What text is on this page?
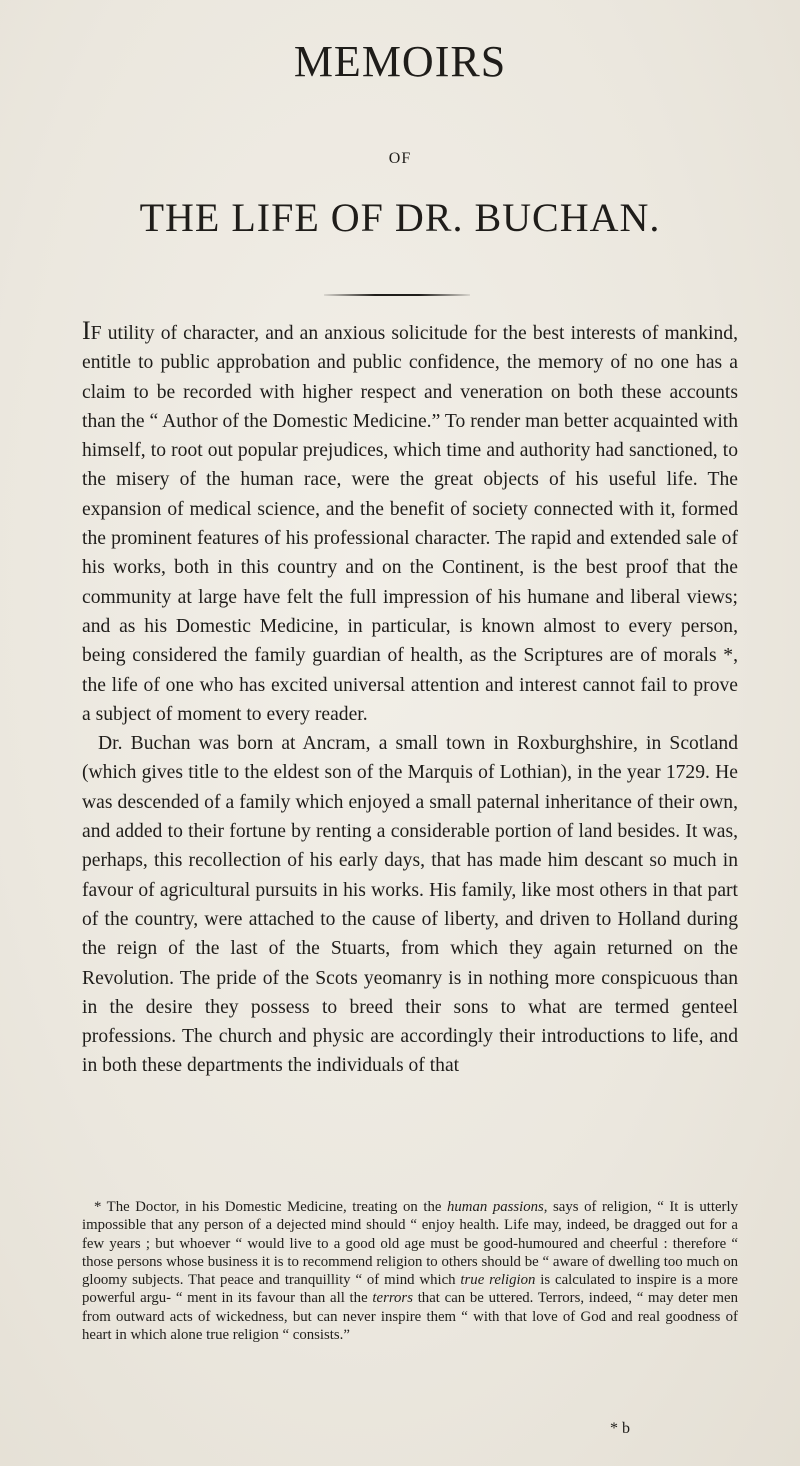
MEMOIRS
OF
THE LIFE OF DR. BUCHAN.

IF utility of character, and an anxious solicitude for the best interests of mankind, entitle to public approbation and public confidence, the memory of no one has a claim to be recorded with higher respect and veneration on both these accounts than the “ Author of the Domestic Medicine.” To render man better acquainted with himself, to root out popular prejudices, which time and authority had sanctioned, to the misery of the human race, were the great objects of his useful life. The expansion of medical science, and the benefit of society connected with it, formed the prominent features of his professional character. The rapid and extended sale of his works, both in this country and on the Continent, is the best proof that the community at large have felt the full impression of his humane and liberal views; and as his Domestic Medicine, in particular, is known almost to every person, being considered the family guardian of health, as the Scriptures are of morals *, the life of one who has excited universal attention and interest cannot fail to prove a subject of moment to every reader.

Dr. Buchan was born at Ancram, a small town in Roxburghshire, in Scotland (which gives title to the eldest son of the Marquis of Lothian), in the year 1729. He was descended of a family which enjoyed a small paternal inheritance of their own, and added to their fortune by renting a considerable portion of land besides. It was, perhaps, this recollection of his early days, that has made him descant so much in favour of agricultural pursuits in his works. His family, like most others in that part of the country, were attached to the cause of liberty, and driven to Holland during the reign of the last of the Stuarts, from which they again returned on the Revolution. The pride of the Scots yeomanry is in nothing more conspicuous than in the desire they possess to breed their sons to what are termed genteel professions. The church and physic are accordingly their introductions to life, and in both these departments the individuals of that

* The Doctor, in his Domestic Medicine, treating on the human passions, says of religion, “ It is utterly impossible that any person of a dejected mind should “ enjoy health. Life may, indeed, be dragged out for a few years ; but whoever “ would live to a good old age must be good-humoured and cheerful : therefore “ those persons whose business it is to recommend religion to others should be “ aware of dwelling too much on gloomy subjects. That peace and tranquillity “ of mind which true religion is calculated to inspire is a more powerful argu- “ ment in its favour than all the terrors that can be uttered. Terrors, indeed, “ may deter men from outward acts of wickedness, but can never inspire them “ with that love of God and real goodness of heart in which alone true religion “ consists.”

* b
